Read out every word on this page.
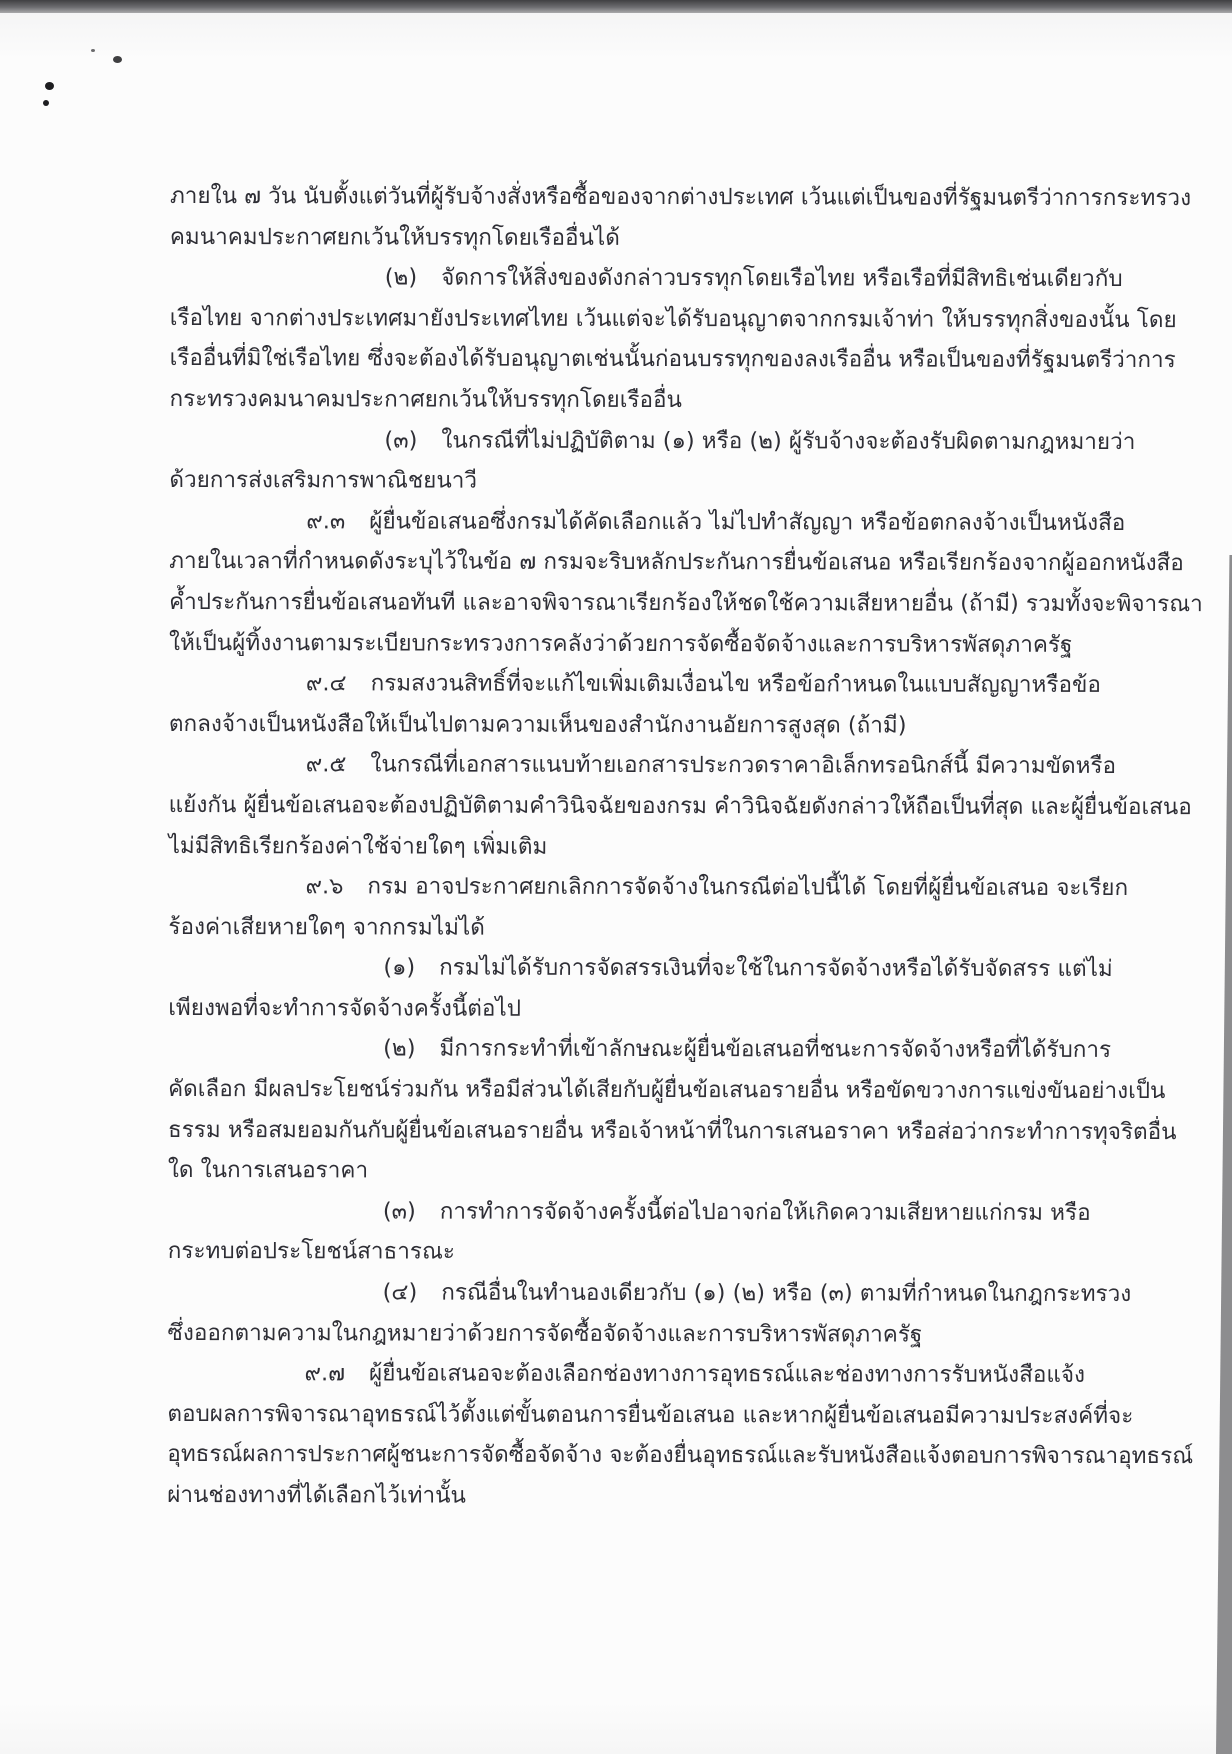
ภายใน ๗ วัน นับตั้งแต่วันที่ผู้รับจ้างสั่งหรือซื้อของจากต่างประเทศ เว้นแต่เป็นของที่รัฐมนตรีว่าการกระทรวง
คมนาคมประกาศยกเว้นให้บรรทุกโดยเรืออื่นได้
(๒) จัดการให้สิ่งของดังกล่าวบรรทุกโดยเรือไทย หรือเรือที่มีสิทธิเช่นเดียวกับ
เรือไทย จากต่างประเทศมายังประเทศไทย เว้นแต่จะได้รับอนุญาตจากกรมเจ้าท่า ให้บรรทุกสิ่งของนั้น โดย
เรืออื่นที่มิใช่เรือไทย ซึ่งจะต้องได้รับอนุญาตเช่นนั้นก่อนบรรทุกของลงเรืออื่น หรือเป็นของที่รัฐมนตรีว่าการ
กระทรวงคมนาคมประกาศยกเว้นให้บรรทุกโดยเรืออื่น
(๓) ในกรณีที่ไม่ปฏิบัติตาม (๑) หรือ (๒) ผู้รับจ้างจะต้องรับผิดตามกฎหมายว่า
ด้วยการส่งเสริมการพาณิชยนาวี
๙.๓ ผู้ยื่นข้อเสนอซึ่งกรมได้คัดเลือกแล้ว ไม่ไปทำสัญญา หรือข้อตกลงจ้างเป็นหนังสือ
ภายในเวลาที่กำหนดดังระบุไว้ในข้อ ๗ กรมจะริบหลักประกันการยื่นข้อเสนอ หรือเรียกร้องจากผู้ออกหนังสือ
ค้ำประกันการยื่นข้อเสนอทันที และอาจพิจารณาเรียกร้องให้ชดใช้ความเสียหายอื่น (ถ้ามี) รวมทั้งจะพิจารณา
ให้เป็นผู้ทิ้งงานตามระเบียบกระทรวงการคลังว่าด้วยการจัดซื้อจัดจ้างและการบริหารพัสดุภาครัฐ
๙.๔ กรมสงวนสิทธิ์ที่จะแก้ไขเพิ่มเติมเงื่อนไข หรือข้อกำหนดในแบบสัญญาหรือข้อ
ตกลงจ้างเป็นหนังสือให้เป็นไปตามความเห็นของสำนักงานอัยการสูงสุด (ถ้ามี)
๙.๕ ในกรณีที่เอกสารแนบท้ายเอกสารประกวดราคาอิเล็กทรอนิกส์นี้ มีความขัดหรือ
แย้งกัน ผู้ยื่นข้อเสนอจะต้องปฏิบัติตามคำวินิจฉัยของกรม คำวินิจฉัยดังกล่าวให้ถือเป็นที่สุด และผู้ยื่นข้อเสนอ
ไม่มีสิทธิเรียกร้องค่าใช้จ่ายใดๆ เพิ่มเติม
๙.๖ กรม อาจประกาศยกเลิกการจัดจ้างในกรณีต่อไปนี้ได้ โดยที่ผู้ยื่นข้อเสนอ จะเรียก
ร้องค่าเสียหายใดๆ จากกรมไม่ได้
(๑) กรมไม่ได้รับการจัดสรรเงินที่จะใช้ในการจัดจ้างหรือได้รับจัดสรร แต่ไม่
เพียงพอที่จะทำการจัดจ้างครั้งนี้ต่อไป
(๒) มีการกระทำที่เข้าลักษณะผู้ยื่นข้อเสนอที่ชนะการจัดจ้างหรือที่ได้รับการ
คัดเลือก มีผลประโยชน์ร่วมกัน หรือมีส่วนได้เสียกับผู้ยื่นข้อเสนอรายอื่น หรือขัดขวางการแข่งขันอย่างเป็น
ธรรม หรือสมยอมกันกับผู้ยื่นข้อเสนอรายอื่น หรือเจ้าหน้าที่ในการเสนอราคา หรือส่อว่ากระทำการทุจริตอื่น
ใด ในการเสนอราคา
(๓) การทำการจัดจ้างครั้งนี้ต่อไปอาจก่อให้เกิดความเสียหายแก่กรม หรือ
กระทบต่อประโยชน์สาธารณะ
(๔) กรณีอื่นในทำนองเดียวกับ (๑) (๒) หรือ (๓) ตามที่กำหนดในกฎกระทรวง
ซึ่งออกตามความในกฎหมายว่าด้วยการจัดซื้อจัดจ้างและการบริหารพัสดุภาครัฐ
๙.๗ ผู้ยื่นข้อเสนอจะต้องเลือกช่องทางการอุทธรณ์และช่องทางการรับหนังสือแจ้ง
ตอบผลการพิจารณาอุทธรณ์ไว้ตั้งแต่ขั้นตอนการยื่นข้อเสนอ และหากผู้ยื่นข้อเสนอมีความประสงค์ที่จะ
อุทธรณ์ผลการประกาศผู้ชนะการจัดซื้อจัดจ้าง จะต้องยื่นอุทธรณ์และรับหนังสือแจ้งตอบการพิจารณาอุทธรณ์
ผ่านช่องทางที่ได้เลือกไว้เท่านั้น
